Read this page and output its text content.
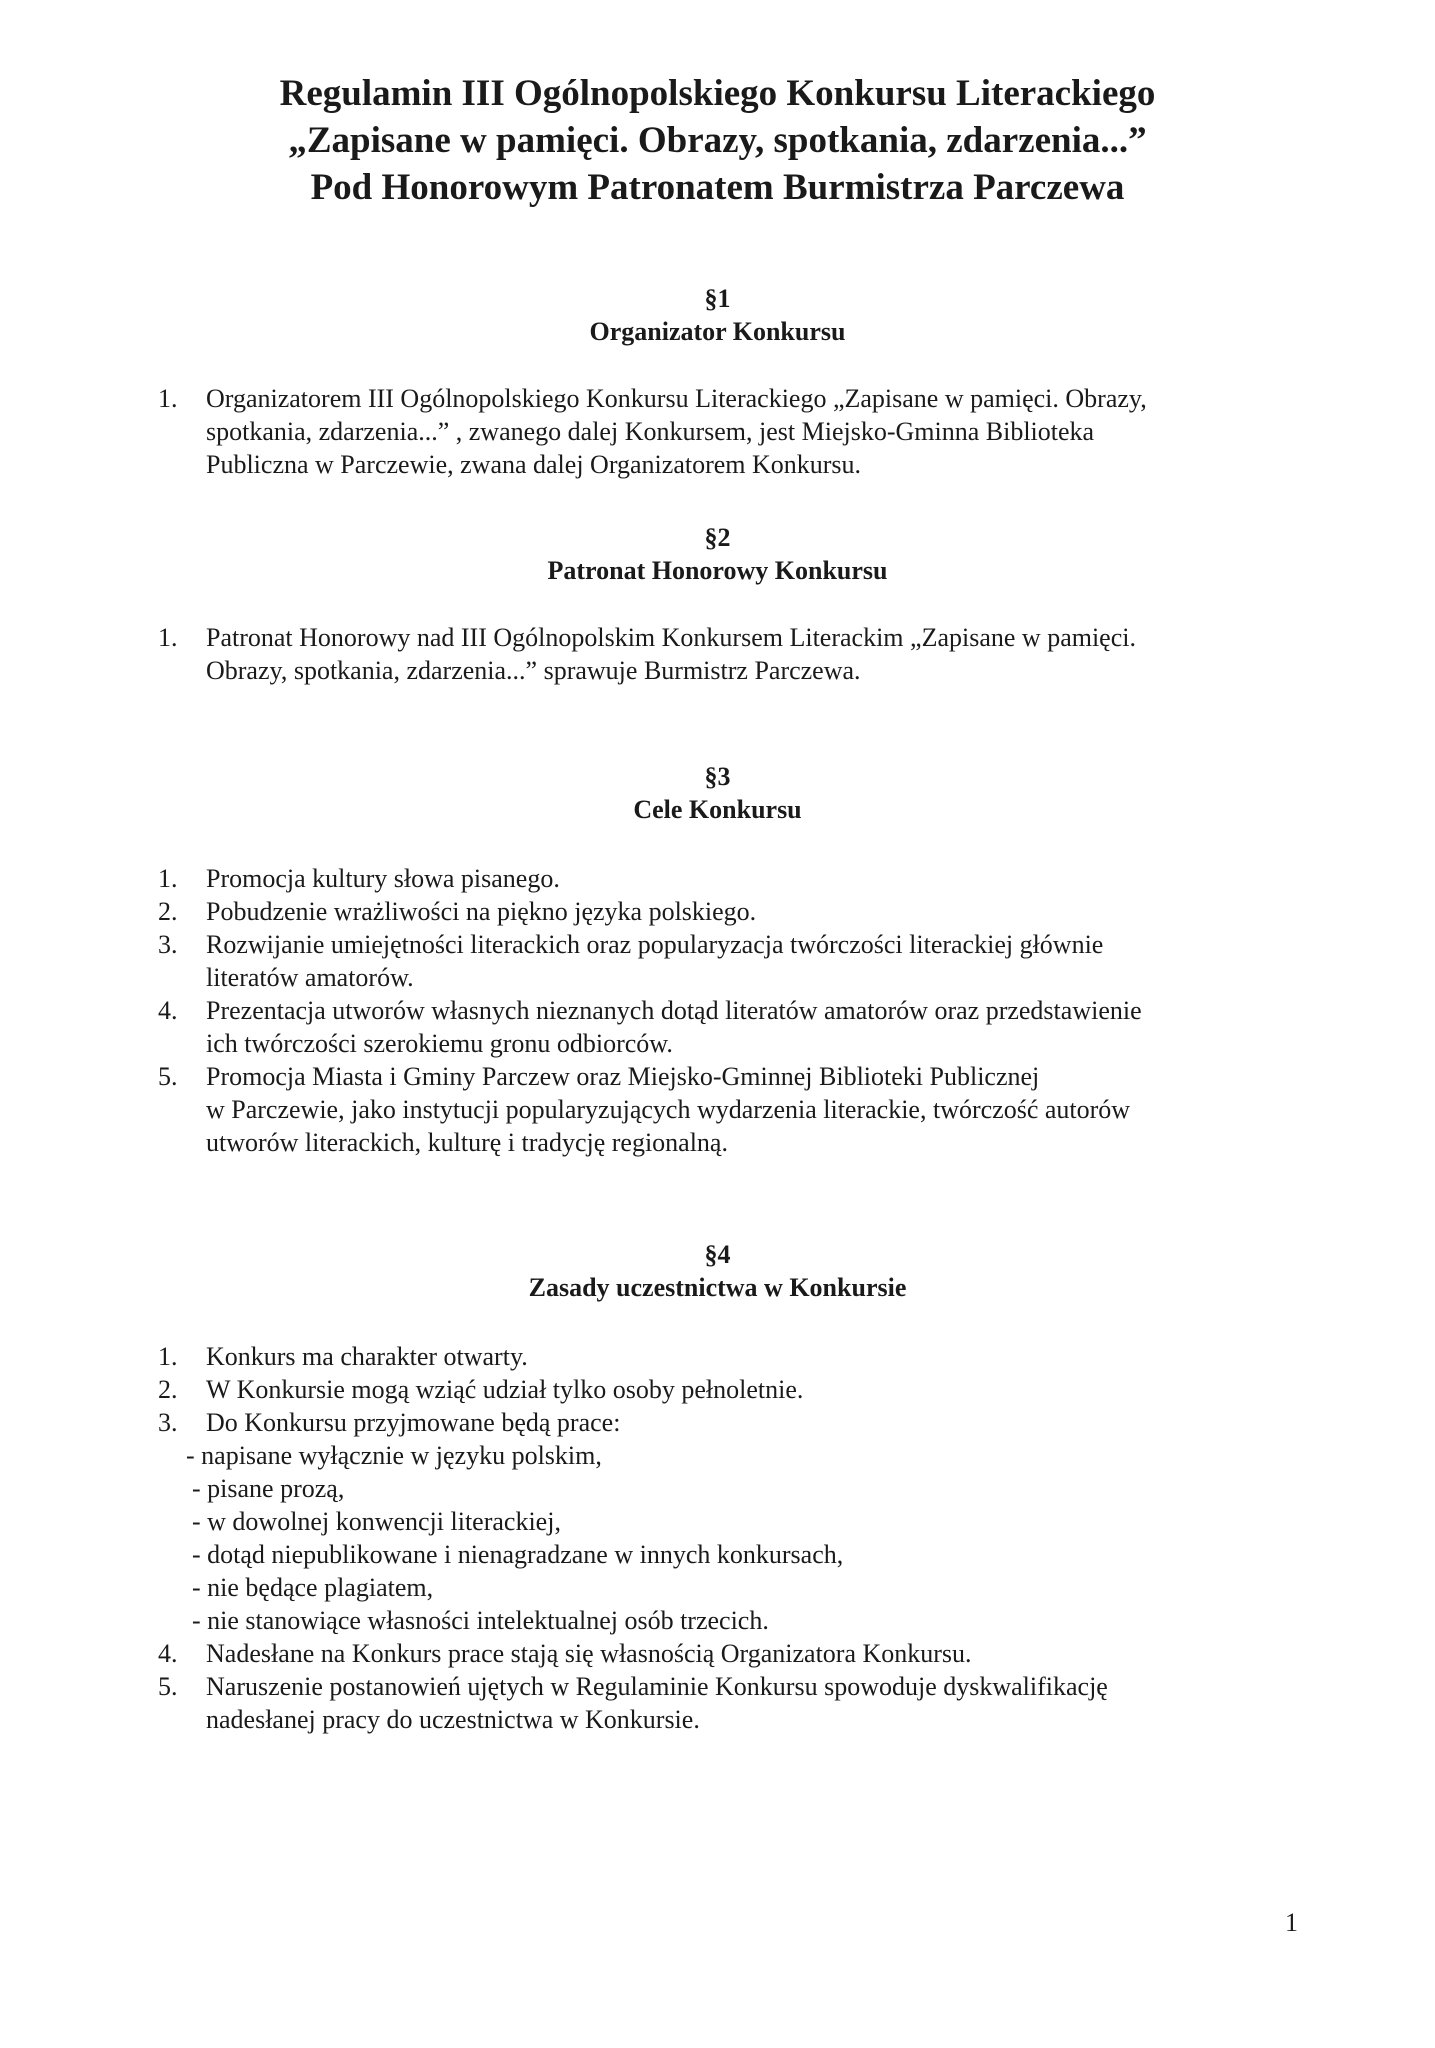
Regulamin III Ogólnopolskiego Konkursu Literackiego
„Zapisane w pamięci. Obrazy, spotkania, zdarzenia...”
Pod Honorowym Patronatem Burmistrza Parczewa
§1
Organizator Konkursu
1.	Organizatorem III Ogólnopolskiego Konkursu Literackiego „Zapisane w pamięci. Obrazy,
spotkania, zdarzenia...” , zwanego dalej Konkursem, jest Miejsko-Gminna Biblioteka
Publiczna w Parczewie, zwana dalej Organizatorem Konkursu.
§2
Patronat Honorowy Konkursu
1.	Patronat Honorowy nad III Ogólnopolskim Konkursem Literackim „Zapisane w pamięci.
Obrazy, spotkania, zdarzenia...” sprawuje Burmistrz Parczewa.
§3
Cele Konkursu
1.	Promocja kultury słowa pisanego.
2.	Pobudzenie wrażliwości na piękno języka polskiego.
3.	Rozwijanie umiejętności literackich oraz popularyzacja twórczości literackiej głównie
literatów amatorów.
4.	Prezentacja utworów własnych nieznanych dotąd literatów amatorów oraz przedstawienie
ich twórczości szerokiemu gronu odbiorców.
5.	Promocja Miasta i Gminy Parczew oraz Miejsko-Gminnej Biblioteki Publicznej
w Parczewie, jako instytucji popularyzujących wydarzenia literackie, twórczość autorów
utworów literackich, kulturę i tradycję regionalną.
§4
Zasady uczestnictwa w Konkursie
1.	Konkurs ma charakter otwarty.
2.	W Konkursie mogą wziąć udział tylko osoby pełnoletnie.
3.	Do Konkursu przyjmowane będą prace:
- napisane wyłącznie w języku polskim,
- pisane prozą,
- w dowolnej konwencji literackiej,
- dotąd niepublikowane i nienagradzane w innych konkursach,
- nie będące plagiatem,
- nie stanowiące własności intelektualnej osób trzecich.
4.	Nadesłane na Konkurs prace stają się własnością Organizatora Konkursu.
5.	Naruszenie postanowień ujętych w Regulaminie Konkursu spowoduje dyskwalifikację
nadesłanej pracy do uczestnictwa w Konkursie.
1
